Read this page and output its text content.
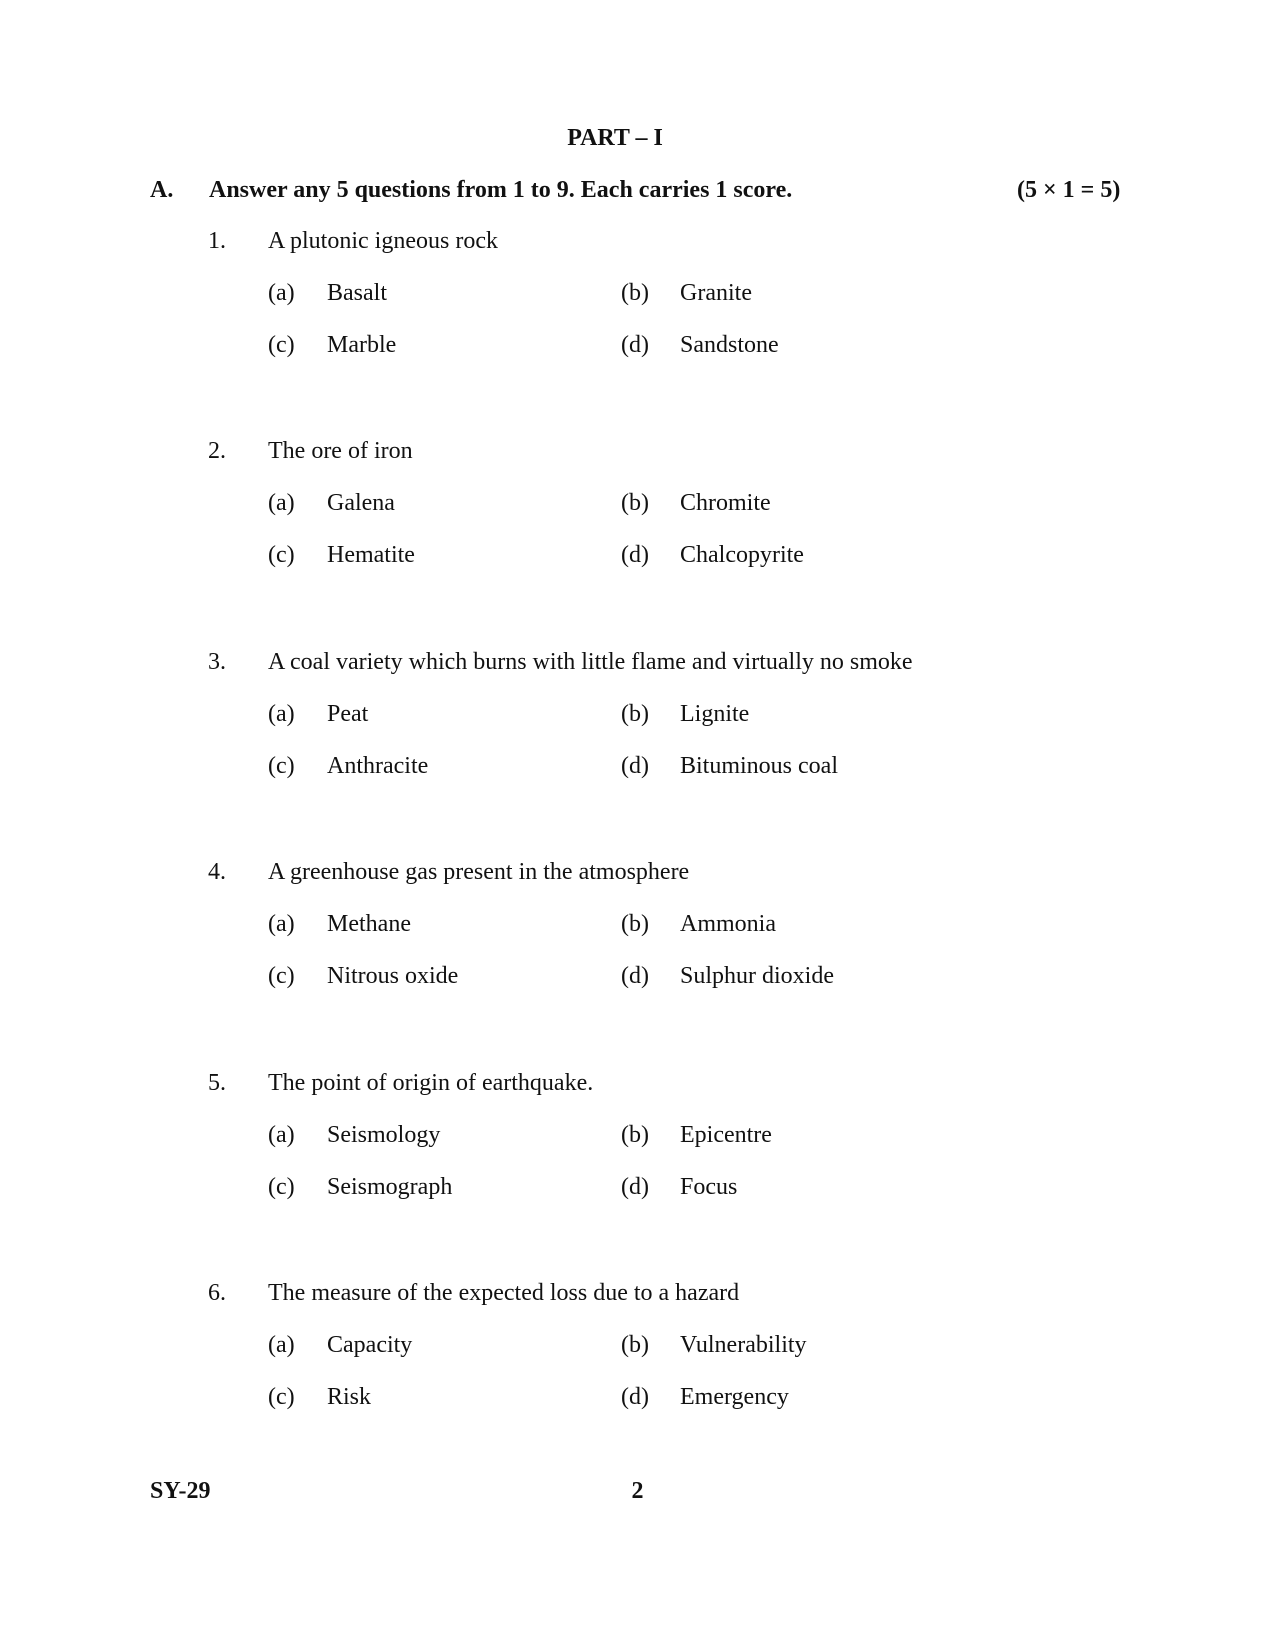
PART – I
A. Answer any 5 questions from 1 to 9. Each carries 1 score.	(5 × 1 = 5)
1. A plutonic igneous rock
(a) Basalt	(b) Granite
(c) Marble	(d) Sandstone
2. The ore of iron
(a) Galena	(b) Chromite
(c) Hematite	(d) Chalcopyrite
3. A coal variety which burns with little flame and virtually no smoke
(a) Peat	(b) Lignite
(c) Anthracite	(d) Bituminous coal
4. A greenhouse gas present in the atmosphere
(a) Methane	(b) Ammonia
(c) Nitrous oxide	(d) Sulphur dioxide
5. The point of origin of earthquake.
(a) Seismology	(b) Epicentre
(c) Seismograph	(d) Focus
6. The measure of the expected loss due to a hazard
(a) Capacity	(b) Vulnerability
(c) Risk	(d) Emergency
SY-29	2
